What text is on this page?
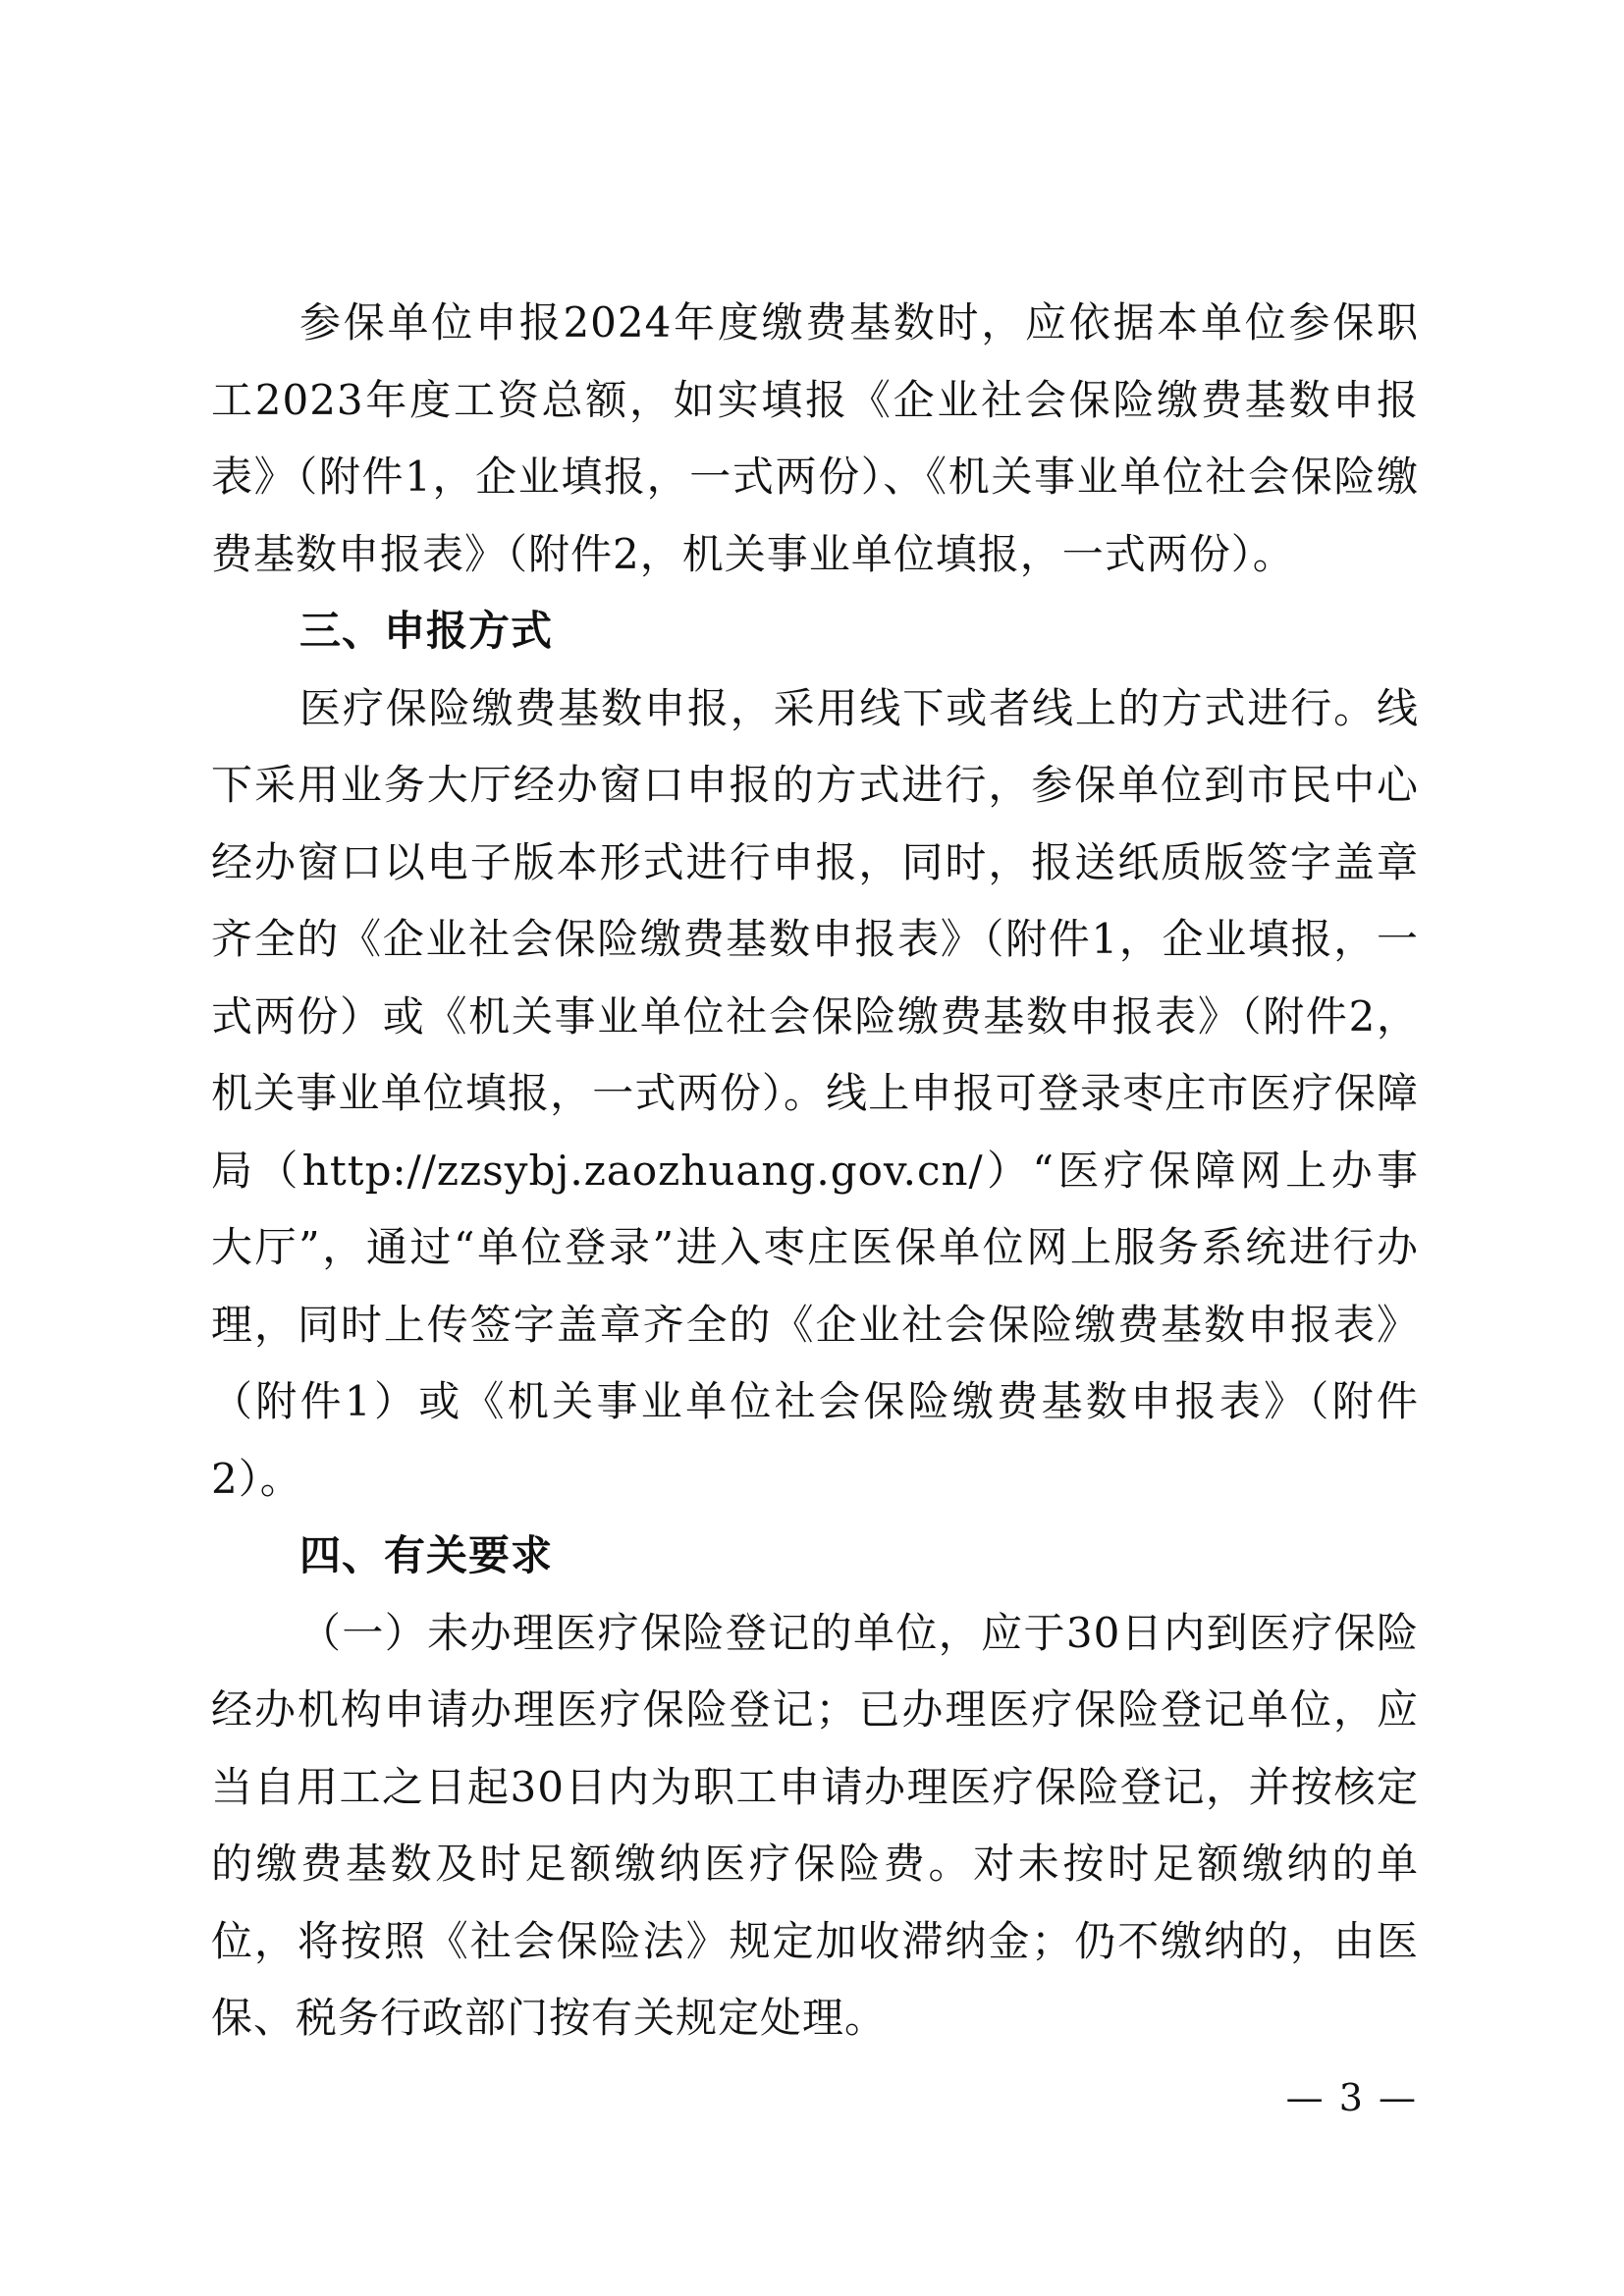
参保单位申报2024年度缴费基数时，应依据本单位参保职工2023年度工资总额，如实填报《企业社会保险缴费基数申报表》（附件1，企业填报，一式两份）、《机关事业单位社会保险缴费基数申报表》（附件2，机关事业单位填报，一式两份）。

三、申报方式

医疗保险缴费基数申报，采用线下或者线上的方式进行。线下采用业务大厅经办窗口申报的方式进行，参保单位到市民中心经办窗口以电子版本形式进行申报，同时，报送纸质版签字盖章齐全的《企业社会保险缴费基数申报表》（附件1，企业填报，一式两份）或《机关事业单位社会保险缴费基数申报表》（附件2，机关事业单位填报，一式两份）。线上申报可登录枣庄市医疗保障局（http://zzsybj.zaozhuang.gov.cn/）“医疗保障网上办事大厅”，通过“单位登录”进入枣庄医保单位网上服务系统进行办理，同时上传签字盖章齐全的《企业社会保险缴费基数申报表》（附件1）或《机关事业单位社会保险缴费基数申报表》（附件2）。

四、有关要求

（一）未办理医疗保险登记的单位，应于30日内到医疗保险经办机构申请办理医疗保险登记；已办理医疗保险登记单位，应当自用工之日起30日内为职工申请办理医疗保险登记，并按核定的缴费基数及时足额缴纳医疗保险费。对未按时足额缴纳的单位，将按照《社会保险法》规定加收滞纳金；仍不缴纳的，由医保、税务行政部门按有关规定处理。

— 3 —
